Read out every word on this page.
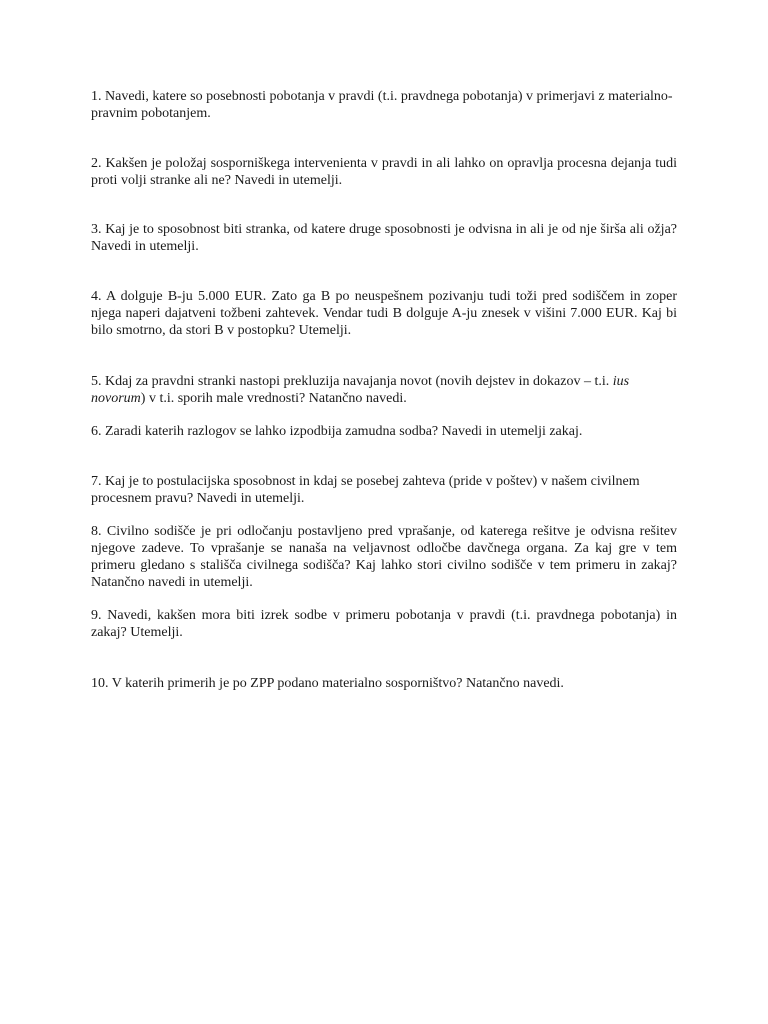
1. Navedi, katere so posebnosti pobotanja v pravdi (t.i. pravdnega pobotanja) v primerjavi z materialno-pravnim pobotanjem.

2. Kakšen je položaj sosporniškega intervenienta v pravdi in ali lahko on opravlja procesna dejanja tudi proti volji stranke ali ne? Navedi in utemelji.

3. Kaj je to sposobnost biti stranka, od katere druge sposobnosti je odvisna in ali je od nje širša ali ožja? Navedi in utemelji.

4. A dolguje B-ju 5.000 EUR. Zato ga B po neuspešnem pozivanju tudi toži pred sodiščem in zoper njega naperi dajatveni tožbeni zahtevek. Vendar tudi B dolguje A-ju znesek v višini 7.000 EUR. Kaj bi bilo smotrno, da stori B v postopku? Utemelji.

5. Kdaj za pravdni stranki nastopi prekluzija navajanja novot (novih dejstev in dokazov – t.i. ius novorum) v t.i. sporih male vrednosti? Natančno navedi.

6. Zaradi katerih razlogov se lahko izpodbija zamudna sodba? Navedi in utemelji zakaj.

7. Kaj je to postulacijska sposobnost in kdaj se posebej zahteva (pride v poštev) v našem civilnem procesnem pravu? Navedi in utemelji.

8. Civilno sodišče je pri odločanju postavljeno pred vprašanje, od katerega rešitve je odvisna rešitev njegove zadeve. To vprašanje se nanaša na veljavnost odločbe davčnega organa. Za kaj gre v tem primeru gledano s stališča civilnega sodišča? Kaj lahko stori civilno sodišče v tem primeru in zakaj? Natančno navedi in utemelji.

9. Navedi, kakšen mora biti izrek sodbe v primeru pobotanja v pravdi (t.i. pravdnega pobotanja) in zakaj? Utemelji.

10. V katerih primerih je po ZPP podano materialno sosporništvo? Natančno navedi.
